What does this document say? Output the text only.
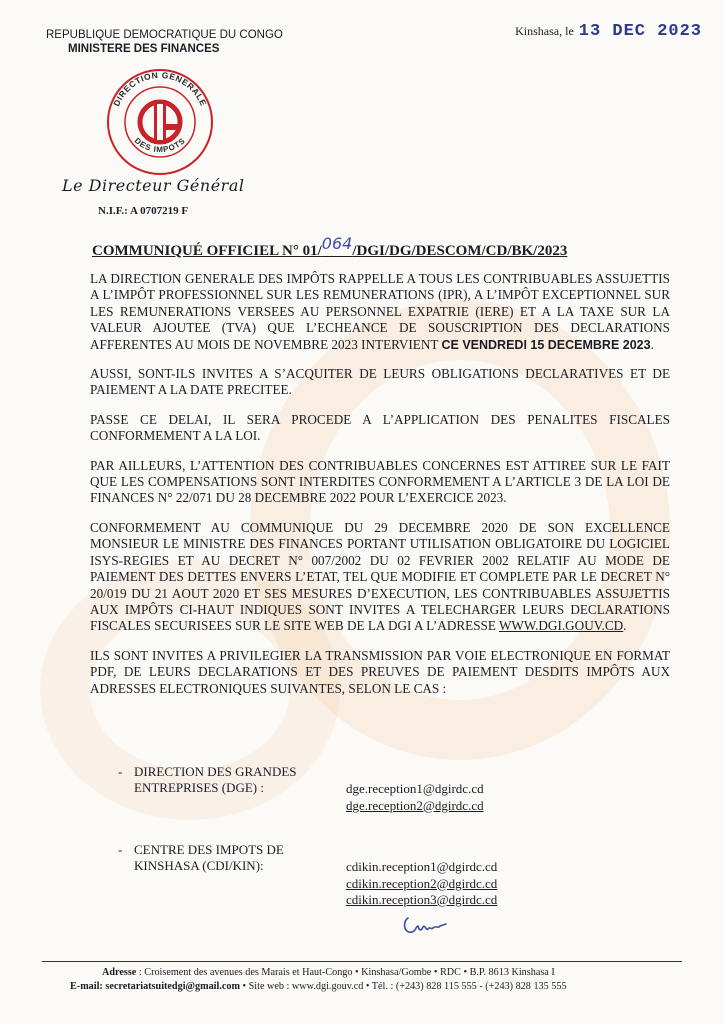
REPUBLIQUE DEMOCRATIQUE DU CONGO
MINISTERE DES FINANCES
Kinshasa, le 13 DEC 2023
DIRECTION GENERALE
DES IMPOTS
Le Directeur Général
N.I.F.: A 0707219 F
COMMUNIQUÉ OFFICIEL N° 01/064/DGI/DG/DESCOM/CD/BK/2023

LA DIRECTION GENERALE DES IMPÔTS RAPPELLE A TOUS LES CONTRIBUABLES ASSUJETTIS A L’IMPÔT PROFESSIONNEL SUR LES REMUNERATIONS (IPR), A L’IMPÔT EXCEPTIONNEL SUR LES REMUNERATIONS VERSEES AU PERSONNEL EXPATRIE (IERE) ET A LA TAXE SUR LA VALEUR AJOUTEE (TVA) QUE L’ECHEANCE DE SOUSCRIPTION DES DECLARATIONS AFFERENTES AU MOIS DE NOVEMBRE 2023 INTERVIENT CE VENDREDI 15 DECEMBRE 2023.

AUSSI, SONT-ILS INVITES A S’ACQUITER DE LEURS OBLIGATIONS DECLARATIVES ET DE PAIEMENT A LA DATE PRECITEE.

PASSE CE DELAI, IL SERA PROCEDE A L’APPLICATION DES PENALITES FISCALES CONFORMEMENT A LA LOI.

PAR AILLEURS, L’ATTENTION DES CONTRIBUABLES CONCERNES EST ATTIREE SUR LE FAIT QUE LES COMPENSATIONS SONT INTERDITES CONFORMEMENT A L’ARTICLE 3 DE LA LOI DE FINANCES N° 22/071 DU 28 DECEMBRE 2022 POUR L’EXERCICE 2023.

CONFORMEMENT AU COMMUNIQUE DU 29 DECEMBRE 2020 DE SON EXCELLENCE MONSIEUR LE MINISTRE DES FINANCES PORTANT UTILISATION OBLIGATOIRE DU LOGICIEL ISYS-REGIES ET AU DECRET N° 007/2002 DU 02 FEVRIER 2002 RELATIF AU MODE DE PAIEMENT DES DETTES ENVERS L’ETAT, TEL QUE MODIFIE ET COMPLETE PAR LE DECRET N° 20/019 DU 21 AOUT 2020 ET SES MESURES D’EXECUTION, LES CONTRIBUABLES ASSUJETTIS AUX IMPÔTS CI-HAUT INDIQUES SONT INVITES A TELECHARGER LEURS DECLARATIONS FISCALES SECURISEES SUR LE SITE WEB DE LA DGI A L’ADRESSE WWW.DGI.GOUV.CD.

ILS SONT INVITES A PRIVILEGIER LA TRANSMISSION PAR VOIE ELECTRONIQUE EN FORMAT PDF, DE LEURS DECLARATIONS ET DES PREUVES DE PAIEMENT DESDITS IMPÔTS AUX ADRESSES ELECTRONIQUES SUIVANTES, SELON LE CAS :

- DIRECTION DES GRANDES
ENTREPRISES (DGE) :	dge.reception1@dgirdc.cd
dge.reception2@dgirdc.cd
- CENTRE DES IMPOTS DE
KINSHASA (CDI/KIN):	cdikin.reception1@dgirdc.cd
cdikin.reception2@dgirdc.cd
cdikin.reception3@dgirdc.cd
Adresse : Croisement des avenues des Marais et Haut-Congo • Kinshasa/Gombe • RDC • B.P. 8613 Kinshasa I
E-mail: secretariatsuitedgi@gmail.com • Site web : www.dgi.gouv.cd • Tél. : (+243) 828 115 555 - (+243) 828 135 555
